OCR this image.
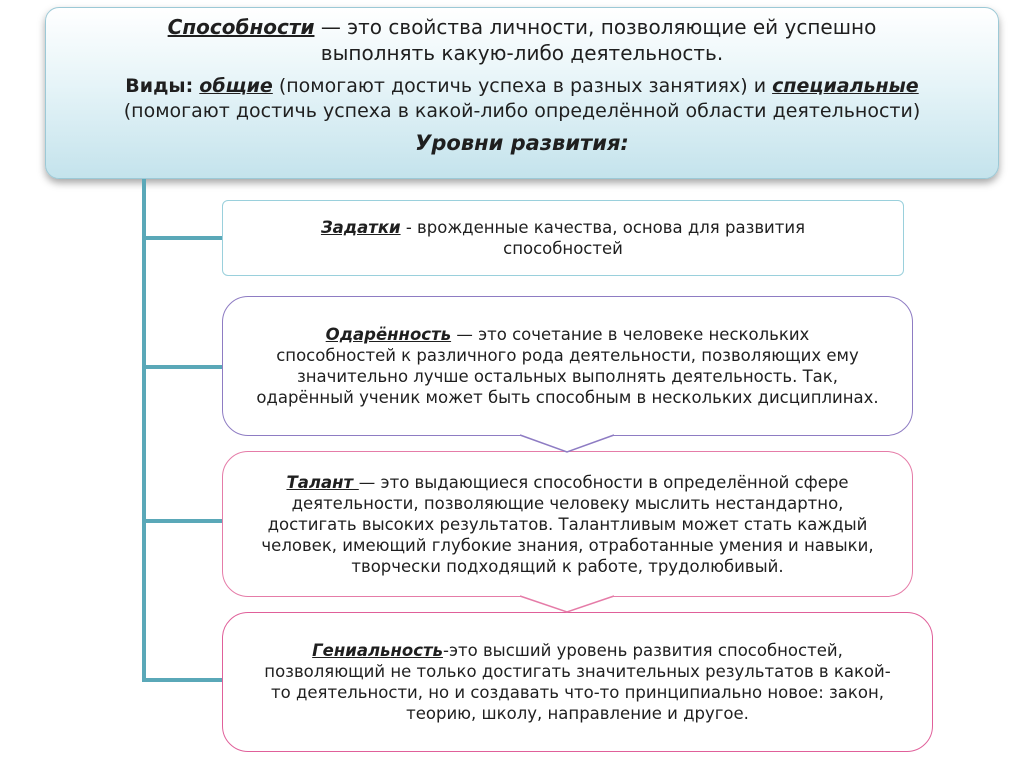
Способности — это свойства личности, позволяющие ей успешно
выполнять какую-либо деятельность.
Виды: общие (помогают достичь успеха в разных занятиях) и специальные
(помогают достичь успеха в какой-либо определённой области деятельности)
Уровни развития:
Задатки - врожденные качества, основа для развития
способностей
Одарённость — это сочетание в человеке нескольких
способностей к различного рода деятельности, позволяющих ему значительно лучше остальных выполнять деятельность. Так, одарённый ученик может быть способным в нескольких дисциплинах.
Талант — это выдающиеся способности в определённой сфере
деятельности, позволяющие человеку мыслить нестандартно, достигать высоких результатов. Талантливым может стать каждый человек, имеющий глубокие знания, отработанные умения и навыки, творчески подходящий к работе, трудолюбивый.
Гениальность-это высший уровень развития способностей,
позволяющий не только достигать значительных результатов в какой-то деятельности, но и создавать что-то принципиально новое: закон, теорию, школу, направление и другое.
